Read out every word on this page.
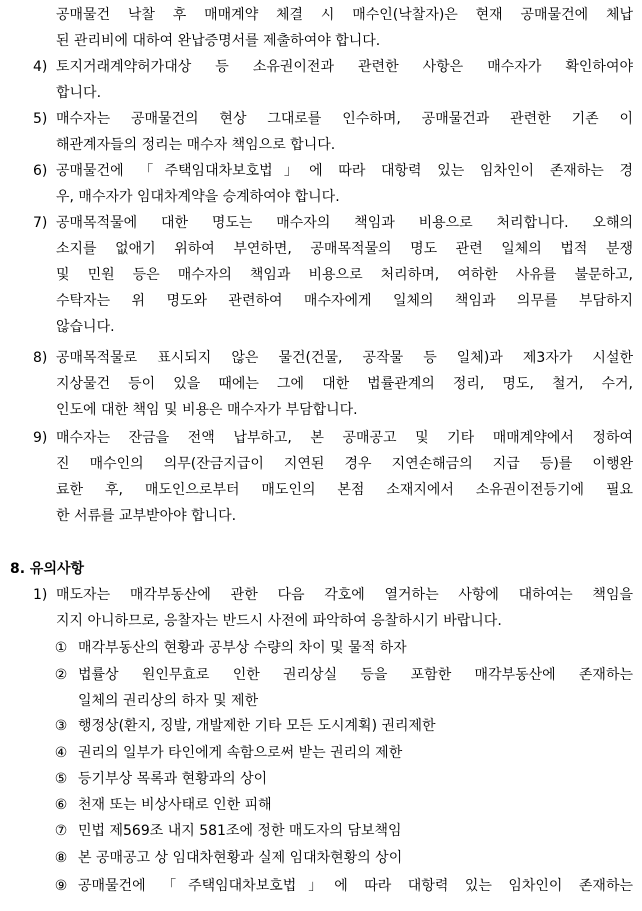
공매물건 낙찰 후 매매계약 체결 시 매수인(낙찰자)은 현재 공매물건에 체납
된 관리비에 대하여 완납증명서를 제출하여야 합니다.
4) 토지거래계약허가대상 등 소유권이전과 관련한 사항은 매수자가 확인하여야
합니다.
5) 매수자는 공매물건의 현상 그대로를 인수하며, 공매물건과 관련한 기존 이
해관계자들의 정리는 매수자 책임으로 합니다.
6) 공매물건에 「주택임대차보호법」에 따라 대항력 있는 임차인이 존재하는 경
우, 매수자가 임대차계약을 승계하여야 합니다.
7) 공매목적물에 대한 명도는 매수자의 책임과 비용으로 처리합니다. 오해의
소지를 없애기 위하여 부연하면, 공매목적물의 명도 관련 일체의 법적 분쟁
및 민원 등은 매수자의 책임과 비용으로 처리하며, 여하한 사유를 불문하고,
수탁자는 위 명도와 관련하여 매수자에게 일체의 책임과 의무를 부담하지
않습니다.
8) 공매목적물로 표시되지 않은 물건(건물, 공작물 등 일체)과 제3자가 시설한
지상물건 등이 있을 때에는 그에 대한 법률관계의 정리, 명도, 철거, 수거,
인도에 대한 책임 및 비용은 매수자가 부담합니다.
9) 매수자는 잔금을 전액 납부하고, 본 공매공고 및 기타 매매계약에서 정하여
진 매수인의 의무(잔금지급이 지연된 경우 지연손해금의 지급 등)를 이행완
료한 후, 매도인으로부터 매도인의 본점 소재지에서 소유권이전등기에 필요
한 서류를 교부받아야 합니다.
8. 유의사항
1) 매도자는 매각부동산에 관한 다음 각호에 열거하는 사항에 대하여는 책임을
지지 아니하므로, 응찰자는 반드시 사전에 파악하여 응찰하시기 바랍니다.
① 매각부동산의 현황과 공부상 수량의 차이 및 물적 하자
② 법률상 원인무효로 인한 권리상실 등을 포함한 매각부동산에 존재하는
일체의 권리상의 하자 및 제한
③ 행정상(환지, 징발, 개발제한 기타 모든 도시계획) 권리제한
④ 권리의 일부가 타인에게 속함으로써 받는 권리의 제한
⑤ 등기부상 목록과 현황과의 상이
⑥ 천재 또는 비상사태로 인한 피해
⑦ 민법 제569조 내지 581조에 정한 매도자의 담보책임
⑧ 본 공매공고 상 임대차현황과 실제 임대차현황의 상이
⑨ 공매물건에 「주택임대차보호법」에 따라 대항력 있는 임차인이 존재하는
